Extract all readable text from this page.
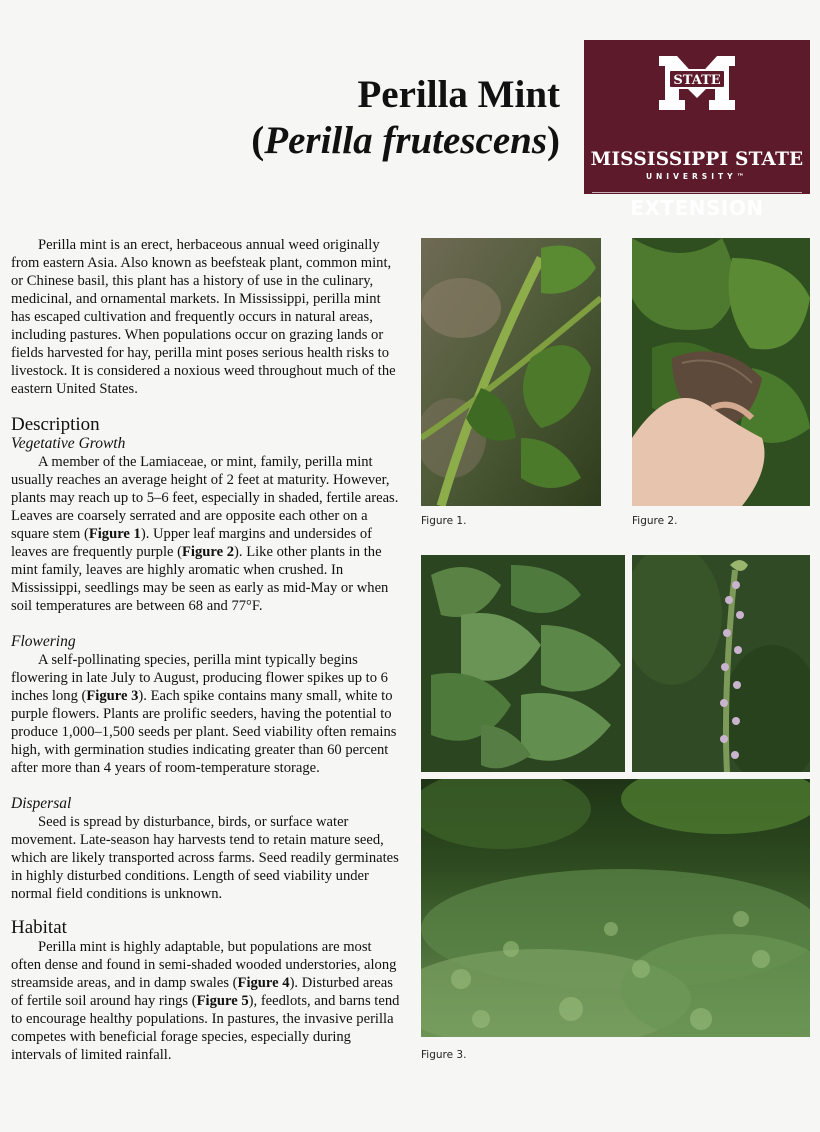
Perilla Mint
(Perilla frutescens)
STATE
MISSISSIPPI STATE
UNIVERSITY™
EXTENSION

Perilla mint is an erect, herbaceous annual weed originally from eastern Asia. Also known as beefsteak plant, common mint, or Chinese basil, this plant has a history of use in the culinary, medicinal, and ornamental markets. In Mississippi, perilla mint has escaped cultivation and frequently occurs in natural areas, including pastures. When populations occur on grazing lands or fields harvested for hay, perilla mint poses serious health risks to livestock. It is considered a noxious weed throughout much of the eastern United States.

Description
Vegetative Growth

A member of the Lamiaceae, or mint, family, perilla mint usually reaches an average height of 2 feet at maturity. However, plants may reach up to 5–6 feet, especially in shaded, fertile areas. Leaves are coarsely serrated and are opposite each other on a square stem (Figure 1). Upper leaf margins and undersides of leaves are frequently purple (Figure 2). Like other plants in the mint family, leaves are highly aromatic when crushed. In Mississippi, seedlings may be seen as early as mid-May or when soil temperatures are between 68 and 77°F.

Flowering

A self-pollinating species, perilla mint typically begins flowering in late July to August, producing flower spikes up to 6 inches long (Figure 3). Each spike contains many small, white to purple flowers. Plants are prolific seeders, having the potential to produce 1,000–1,500 seeds per plant. Seed viability often remains high, with germination studies indicating greater than 60 percent after more than 4 years of room-temperature storage.

Dispersal

Seed is spread by disturbance, birds, or surface water movement. Late-season hay harvests tend to retain mature seed, which are likely transported across farms. Seed readily germinates in highly disturbed conditions. Length of seed viability under normal field conditions is unknown.

Habitat

Perilla mint is highly adaptable, but populations are most often dense and found in semi-shaded wooded understories, along streamside areas, and in damp swales (Figure 4). Disturbed areas of fertile soil around hay rings (Figure 5), feedlots, and barns tend to encourage healthy populations. In pastures, the invasive perilla competes with beneficial forage species, especially during intervals of limited rainfall.

Figure 1.	Figure 2.
Figure 3.
